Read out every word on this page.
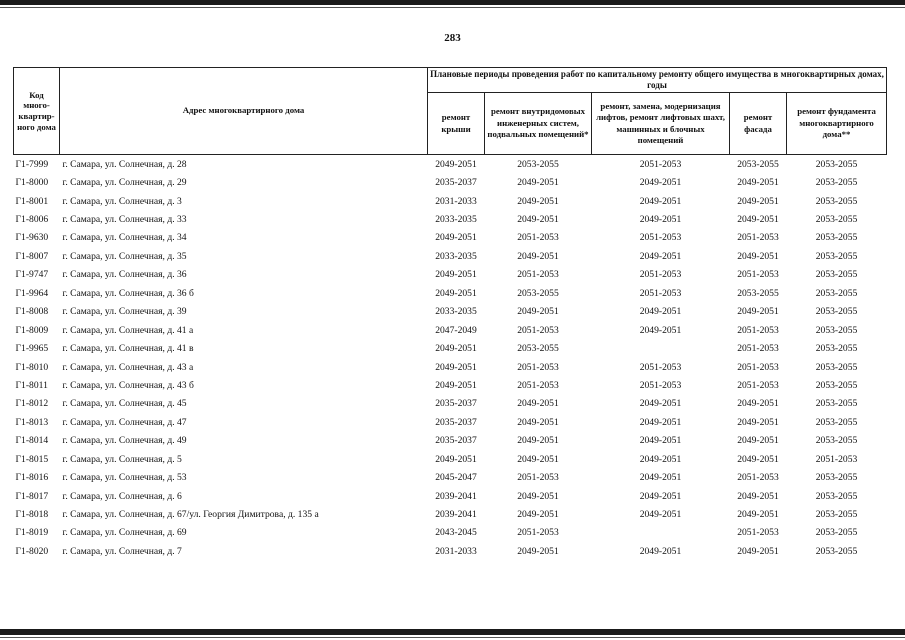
283
Код много-квартир-ного дома	Адрес многоквартирного дома	Плановые периоды проведения работ по капитальному ремонту общего имущества в многоквартирных домах, годы				
		ремонт крыши	ремонт внутридомовых инженерных систем, подвальных помещений*	ремонт, замена, модернизация лифтов, ремонт лифтовых шахт, машинных и блочных помещений	ремонт фасада	ремонт фундамента многоквартирного дома**
Г1-7999	г. Самара, ул. Солнечная, д. 28	2049-2051	2053-2055	2051-2053	2053-2055	2053-2055
Г1-8000	г. Самара, ул. Солнечная, д. 29	2035-2037	2049-2051	2049-2051	2049-2051	2053-2055
Г1-8001	г. Самара, ул. Солнечная, д. 3	2031-2033	2049-2051	2049-2051	2049-2051	2053-2055
Г1-8006	г. Самара, ул. Солнечная, д. 33	2033-2035	2049-2051	2049-2051	2049-2051	2053-2055
Г1-9630	г. Самара, ул. Солнечная, д. 34	2049-2051	2051-2053	2051-2053	2051-2053	2053-2055
Г1-8007	г. Самара, ул. Солнечная, д. 35	2033-2035	2049-2051	2049-2051	2049-2051	2053-2055
Г1-9747	г. Самара, ул. Солнечная, д. 36	2049-2051	2051-2053	2051-2053	2051-2053	2053-2055
Г1-9964	г. Самара, ул. Солнечная, д. 36 б	2049-2051	2053-2055	2051-2053	2053-2055	2053-2055
Г1-8008	г. Самара, ул. Солнечная, д. 39	2033-2035	2049-2051	2049-2051	2049-2051	2053-2055
Г1-8009	г. Самара, ул. Солнечная, д. 41 а	2047-2049	2051-2053	2049-2051	2051-2053	2053-2055
Г1-9965	г. Самара, ул. Солнечная, д. 41 в	2049-2051	2053-2055		2051-2053	2053-2055
Г1-8010	г. Самара, ул. Солнечная, д. 43 а	2049-2051	2051-2053	2051-2053	2051-2053	2053-2055
Г1-8011	г. Самара, ул. Солнечная, д. 43 б	2049-2051	2051-2053	2051-2053	2051-2053	2053-2055
Г1-8012	г. Самара, ул. Солнечная, д. 45	2035-2037	2049-2051	2049-2051	2049-2051	2053-2055
Г1-8013	г. Самара, ул. Солнечная, д. 47	2035-2037	2049-2051	2049-2051	2049-2051	2053-2055
Г1-8014	г. Самара, ул. Солнечная, д. 49	2035-2037	2049-2051	2049-2051	2049-2051	2053-2055
Г1-8015	г. Самара, ул. Солнечная, д. 5	2049-2051	2049-2051	2049-2051	2049-2051	2051-2053
Г1-8016	г. Самара, ул. Солнечная, д. 53	2045-2047	2051-2053	2049-2051	2051-2053	2053-2055
Г1-8017	г. Самара, ул. Солнечная, д. 6	2039-2041	2049-2051	2049-2051	2049-2051	2053-2055
Г1-8018	г. Самара, ул. Солнечная, д. 67/ул. Георгия Димитрова, д. 135 а	2039-2041	2049-2051	2049-2051	2049-2051	2053-2055
Г1-8019	г. Самара, ул. Солнечная, д. 69	2043-2045	2051-2053		2051-2053	2053-2055
Г1-8020	г. Самара, ул. Солнечная, д. 7	2031-2033	2049-2051	2049-2051	2049-2051	2053-2055
